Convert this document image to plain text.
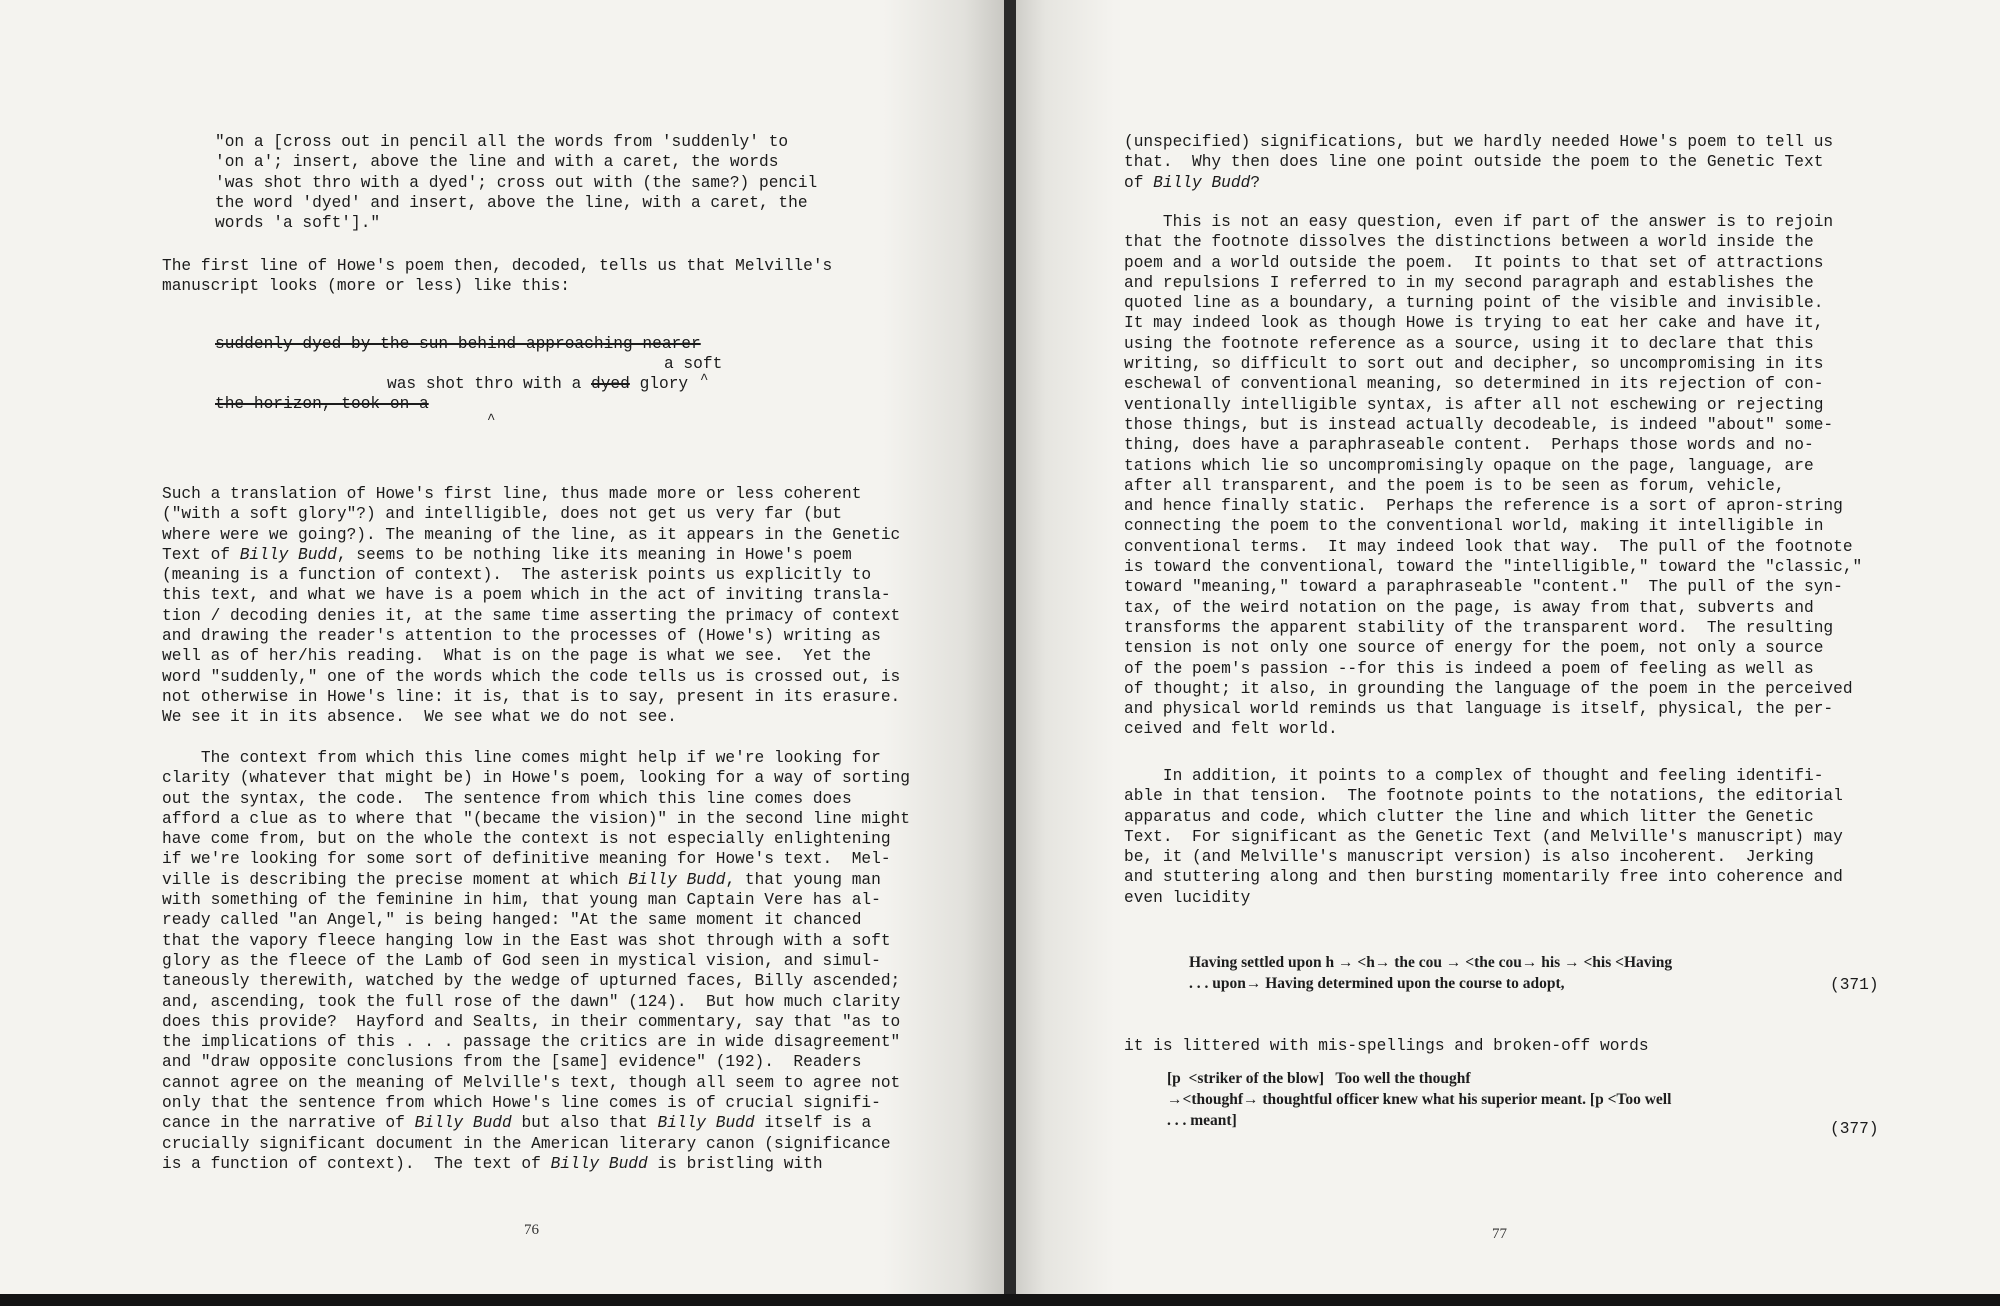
"on a [cross out in pencil all the words from 'suddenly' to
'on a'; insert, above the line and with a caret, the words
'was shot thro with a dyed'; cross out with (the same?) pencil
the word 'dyed' and insert, above the line, with a caret, the
words 'a soft']."
The first line of Howe's poem then, decoded, tells us that Melville's
manuscript looks (more or less) like this:
suddenly dyed by the sun behind approaching nearer
a soft
was shot thro with a dyed glory
the horizon, took on a
^
^
Such a translation of Howe's first line, thus made more or less coherent
("with a soft glory"?) and intelligible, does not get us very far (but
where were we going?). The meaning of the line, as it appears in the Genetic
Text of Billy Budd, seems to be nothing like its meaning in Howe's poem
(meaning is a function of context).  The asterisk points us explicitly to
this text, and what we have is a poem which in the act of inviting transla-
tion / decoding denies it, at the same time asserting the primacy of context
and drawing the reader's attention to the processes of (Howe's) writing as
well as of her/his reading.  What is on the page is what we see.  Yet the
word "suddenly," one of the words which the code tells us is crossed out, is
not otherwise in Howe's line: it is, that is to say, present in its erasure.
We see it in its absence.  We see what we do not see.
The context from which this line comes might help if we're looking for
clarity (whatever that might be) in Howe's poem, looking for a way of sorting
out the syntax, the code.  The sentence from which this line comes does
afford a clue as to where that "(became the vision)" in the second line might
have come from, but on the whole the context is not especially enlightening
if we're looking for some sort of definitive meaning for Howe's text.  Mel-
ville is describing the precise moment at which Billy Budd, that young man
with something of the feminine in him, that young man Captain Vere has al-
ready called "an Angel," is being hanged: "At the same moment it chanced
that the vapory fleece hanging low in the East was shot through with a soft
glory as the fleece of the Lamb of God seen in mystical vision, and simul-
taneously therewith, watched by the wedge of upturned faces, Billy ascended;
and, ascending, took the full rose of the dawn" (124).  But how much clarity
does this provide?  Hayford and Sealts, in their commentary, say that "as to
the implications of this . . . passage the critics are in wide disagreement"
and "draw opposite conclusions from the [same] evidence" (192).  Readers
cannot agree on the meaning of Melville's text, though all seem to agree not
only that the sentence from which Howe's line comes is of crucial signifi-
cance in the narrative of Billy Budd but also that Billy Budd itself is a
crucially significant document in the American literary canon (significance
is a function of context).  The text of Billy Budd is bristling with
76
(unspecified) significations, but we hardly needed Howe's poem to tell us
that.  Why then does line one point outside the poem to the Genetic Text
of Billy Budd?
This is not an easy question, even if part of the answer is to rejoin
that the footnote dissolves the distinctions between a world inside the
poem and a world outside the poem.  It points to that set of attractions
and repulsions I referred to in my second paragraph and establishes the
quoted line as a boundary, a turning point of the visible and invisible.
It may indeed look as though Howe is trying to eat her cake and have it,
using the footnote reference as a source, using it to declare that this
writing, so difficult to sort out and decipher, so uncompromising in its
eschewal of conventional meaning, so determined in its rejection of con-
ventionally intelligible syntax, is after all not eschewing or rejecting
those things, but is instead actually decodeable, is indeed "about" some-
thing, does have a paraphraseable content.  Perhaps those words and no-
tations which lie so uncompromisingly opaque on the page, language, are
after all transparent, and the poem is to be seen as forum, vehicle,
and hence finally static.  Perhaps the reference is a sort of apron-string
connecting the poem to the conventional world, making it intelligible in
conventional terms.  It may indeed look that way.  The pull of the footnote
is toward the conventional, toward the "intelligible," toward the "classic,"
toward "meaning," toward a paraphraseable "content."  The pull of the syn-
tax, of the weird notation on the page, is away from that, subverts and
transforms the apparent stability of the transparent word.  The resulting
tension is not only one source of energy for the poem, not only a source
of the poem's passion --for this is indeed a poem of feeling as well as
of thought; it also, in grounding the language of the poem in the perceived
and physical world reminds us that language is itself, physical, the per-
ceived and felt world.
In addition, it points to a complex of thought and feeling identifi-
able in that tension.  The footnote points to the notations, the editorial
apparatus and code, which clutter the line and which litter the Genetic
Text.  For significant as the Genetic Text (and Melville's manuscript) may
be, it (and Melville's manuscript version) is also incoherent.  Jerking
and stuttering along and then bursting momentarily free into coherence and
even lucidity
Having settled upon h → <h→ the cou → <the cou→ his → <his <Having
. . . upon→ Having determined upon the course to adopt,	(371)
it is littered with mis-spellings and broken-off words
[p  <striker of the blow]   Too well the thoughf
→<thoughf→ thoughtful officer knew what his superior meant. [p <Too well
. . . meant]	(377)
77
